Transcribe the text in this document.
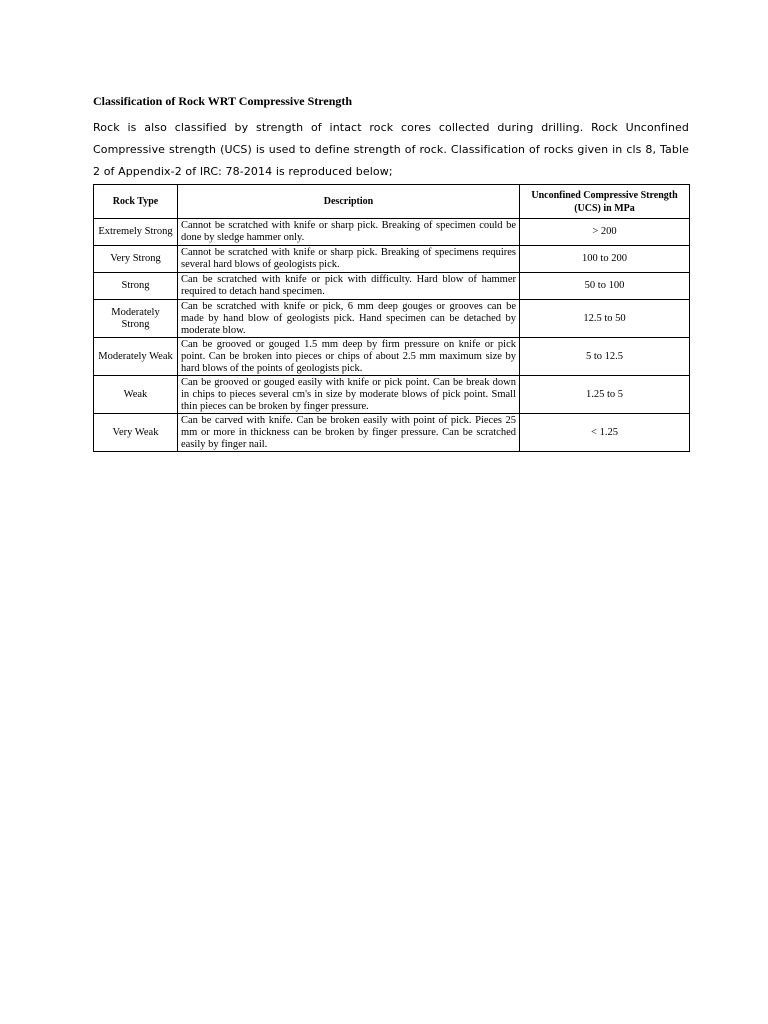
Classification of Rock WRT Compressive Strength

Rock is also classified by strength of intact rock cores collected during drilling. Rock Unconfined Compressive strength (UCS) is used to define strength of rock. Classification of rocks given in cls 8, Table 2 of Appendix-2 of IRC: 78-2014 is reproduced below;

Rock Type	Description	Unconfined Compressive Strength (UCS) in MPa
Extremely Strong	Cannot be scratched with knife or sharp pick. Breaking of specimen could be done by sledge hammer only.	> 200
Very Strong	Cannot be scratched with knife or sharp pick. Breaking of specimens requires several hard blows of geologists pick.	100 to 200
Strong	Can be scratched with knife or pick with difficulty. Hard blow of hammer required to detach hand specimen.	50 to 100
Moderately Strong	Can be scratched with knife or pick, 6 mm deep gouges or grooves can be made by hand blow of geologists pick. Hand specimen can be detached by moderate blow.	12.5 to 50
Moderately Weak	Can be grooved or gouged 1.5 mm deep by firm pressure on knife or pick point. Can be broken into pieces or chips of about 2.5 mm maximum size by hard blows of the points of geologists pick.	5 to 12.5
Weak	Can be grooved or gouged easily with knife or pick point. Can be break down in chips to pieces several cm's in size by moderate blows of pick point. Small thin pieces can be broken by finger pressure.	1.25 to 5
Very Weak	Can be carved with knife. Can be broken easily with point of pick. Pieces 25 mm or more in thickness can be broken by finger pressure. Can be scratched easily by finger nail.	< 1.25
